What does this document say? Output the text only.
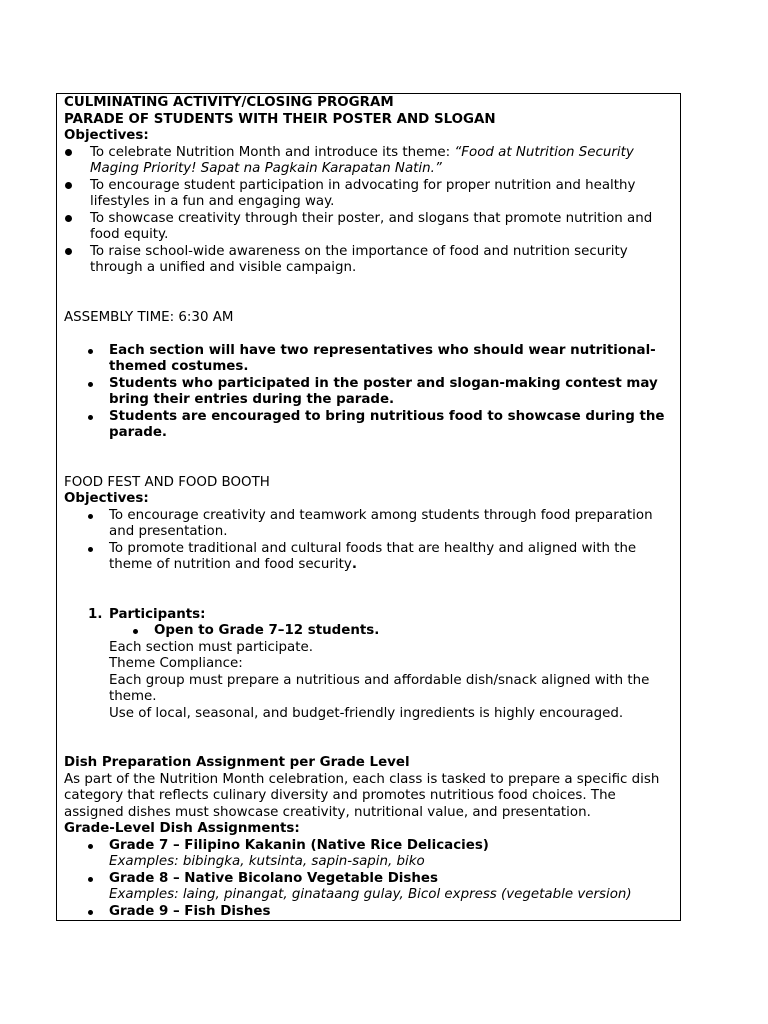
CULMINATING ACTIVITY/CLOSING PROGRAM

PARADE OF STUDENTS WITH THEIR POSTER AND SLOGAN

Objectives:

To celebrate Nutrition Month and introduce its theme: “Food at Nutrition Security Maging Priority! Sapat na Pagkain Karapatan Natin.”
To encourage student participation in advocating for proper nutrition and healthy lifestyles in a fun and engaging way.
To showcase creativity through their poster, and slogans that promote nutrition and food equity.
To raise school-wide awareness on the importance of food and nutrition security through a unified and visible campaign.

ASSEMBLY TIME: 6:30 AM

Each section will have two representatives who should wear nutritional-themed costumes.
Students who participated in the poster and slogan-making contest may bring their entries during the parade.
Students are encouraged to bring nutritious food to showcase during the parade.

FOOD FEST AND FOOD BOOTH

Objectives:

To encourage creativity and teamwork among students through food preparation and presentation.
To promote traditional and cultural foods that are healthy and aligned with the theme of nutrition and food security.
1. Participants:
Open to Grade 7–12 students.

Each section must participate.

Theme Compliance:

Each group must prepare a nutritious and affordable dish/snack aligned with the theme.

Use of local, seasonal, and budget-friendly ingredients is highly encouraged.

Dish Preparation Assignment per Grade Level

As part of the Nutrition Month celebration, each class is tasked to prepare a specific dish category that reflects culinary diversity and promotes nutritious food choices. The assigned dishes must showcase creativity, nutritional value, and presentation.

Grade-Level Dish Assignments:

Grade 7 – Filipino Kakanin (Native Rice Delicacies)
Examples: bibingka, kutsinta, sapin-sapin, biko
Grade 8 – Native Bicolano Vegetable Dishes
Examples: laing, pinangat, ginataang gulay, Bicol express (vegetable version)
Grade 9 – Fish Dishes
